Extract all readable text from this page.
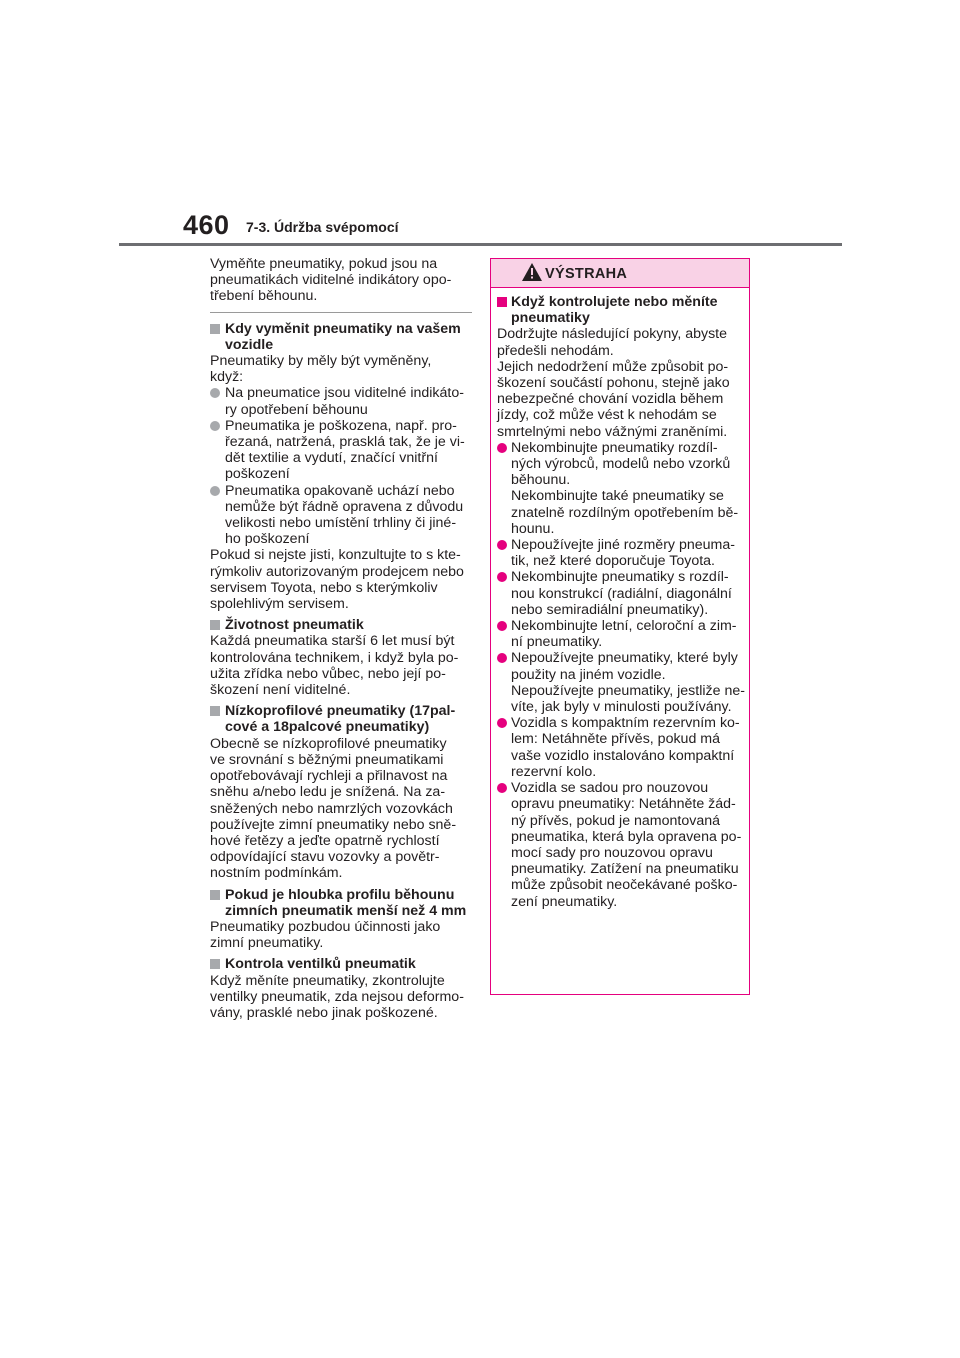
460 7-3. Údržba svépomocí

Vyměňte pneumatiky, pokud jsou na
pneumatikách viditelné indikátory opo-
třebení běhounu.

Kdy vyměnit pneumatiky na vašem
vozidle

Pneumatiky by měly být vyměněny,
když:

Na pneumatice jsou viditelné indikáto-
ry opotřebení běhounu

Pneumatika je poškozena, např. pro-
řezaná, natržená, prasklá tak, že je vi-
dět textilie a vydutí, značící vnitřní
poškození

Pneumatika opakovaně uchází nebo
nemůže být řádně opravena z důvodu
velikosti nebo umístění trhliny či jiné-
ho poškození

Pokud si nejste jisti, konzultujte to s kte-
rýmkoliv autorizovaným prodejcem nebo
servisem Toyota, nebo s kterýmkoliv
spolehlivým servisem.

Životnost pneumatik

Každá pneumatika starší 6 let musí být
kontrolována technikem, i když byla po-
užita zřídka nebo vůbec, nebo její po-
škození není viditelné.

Nízkoprofilové pneumatiky (17pal-
cové a 18palcové pneumatiky)

Obecně se nízkoprofilové pneumatiky
ve srovnání s běžnými pneumatikami
opotřebovávají rychleji a přilnavost na
sněhu a/nebo ledu je snížená. Na za-
sněžených nebo namrzlých vozovkách
používejte zimní pneumatiky nebo sně-
hové řetězy a jeďte opatrně rychlostí
odpovídající stavu vozovky a povětr-
nostním podmínkám.

Pokud je hloubka profilu běhounu
zimních pneumatik menší než 4 mm

Pneumatiky pozbudou účinnosti jako
zimní pneumatiky.

Kontrola ventilků pneumatik

Když měníte pneumatiky, zkontrolujte
ventilky pneumatik, zda nejsou deformo-
vány, prasklé nebo jinak poškozené.

VÝSTRAHA

Když kontrolujete nebo měníte
pneumatiky

Dodržujte následující pokyny, abyste
předešli nehodám.
Jejich nedodržení může způsobit po-
škození součástí pohonu, stejně jako
nebezpečné chování vozidla během
jízdy, což může vést k nehodám se
smrtelnými nebo vážnými zraněními.

Nekombinujte pneumatiky rozdíl-
ných výrobců, modelů nebo vzorků
běhounu.
Nekombinujte také pneumatiky se
znatelně rozdílným opotřebením bě-
hounu.

Nepoužívejte jiné rozměry pneuma-
tik, než které doporučuje Toyota.

Nekombinujte pneumatiky s rozdíl-
nou konstrukcí (radiální, diagonální
nebo semiradiální pneumatiky).

Nekombinujte letní, celoroční a zim-
ní pneumatiky.

Nepoužívejte pneumatiky, které byly
použity na jiném vozidle.
Nepoužívejte pneumatiky, jestliže ne-
víte, jak byly v minulosti používány.

Vozidla s kompaktním rezervním ko-
lem: Netáhněte přívěs, pokud má
vaše vozidlo instalováno kompaktní
rezervní kolo.

Vozidla se sadou pro nouzovou
opravu pneumatiky: Netáhněte žád-
ný přívěs, pokud je namontovaná
pneumatika, která byla opravena po-
mocí sady pro nouzovou opravu
pneumatiky. Zatížení na pneumatiku
může způsobit neočekávané poško-
zení pneumatiky.
